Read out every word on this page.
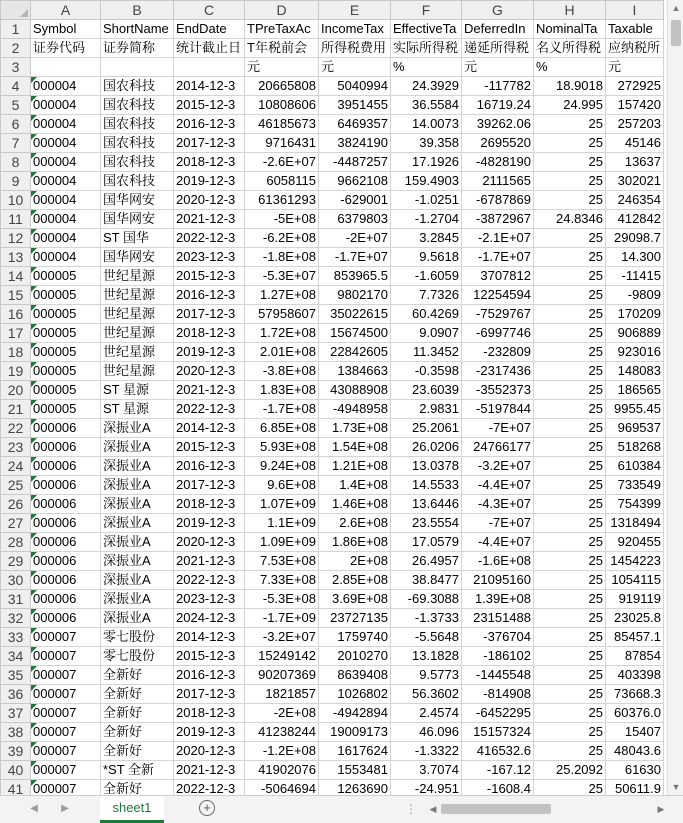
	A	B	C	D	E	F	G	H	I
1	Symbol	ShortName	EndDate	TPreTaxAc	IncomeTax	EffectiveTa	DeferredIn	NominalTa	Taxable
2	证券代码	证券简称	统计截止日	T年税前会	所得税费用	实际所得税	递延所得税	名义所得税	应纳税所
3				元	元	%	元	%	元
4	000004	国农科技	2014-12-3	20665808	5040994	24.3929	-117782	18.9018	272925
5	000004	国农科技	2015-12-3	10808606	3951455	36.5584	16719.24	24.995	157420
6	000004	国农科技	2016-12-3	46185673	6469357	14.0073	39262.06	25	257203
7	000004	国农科技	2017-12-3	9716431	3824190	39.358	2695520	25	45146
8	000004	国农科技	2018-12-3	-2.6E+07	-4487257	17.1926	-4828190	25	13637
9	000004	国农科技	2019-12-3	6058115	9662108	159.4903	2111565	25	302021
10	000004	国华网安	2020-12-3	61361293	-629001	-1.0251	-6787869	25	246354
11	000004	国华网安	2021-12-3	-5E+08	6379803	-1.2704	-3872967	24.8346	412842
12	000004	ST 国华	2022-12-3	-6.2E+08	-2E+07	3.2845	-2.1E+07	25	29098.7
13	000004	国华网安	2023-12-3	-1.8E+08	-1.7E+07	9.5618	-1.7E+07	25	14.300
14	000005	世纪星源	2015-12-3	-5.3E+07	853965.5	-1.6059	3707812	25	-11415
15	000005	世纪星源	2016-12-3	1.27E+08	9802170	7.7326	12254594	25	-9809
16	000005	世纪星源	2017-12-3	57958607	35022615	60.4269	-7529767	25	170209
17	000005	世纪星源	2018-12-3	1.72E+08	15674500	9.0907	-6997746	25	906889
18	000005	世纪星源	2019-12-3	2.01E+08	22842605	11.3452	-232809	25	923016
19	000005	世纪星源	2020-12-3	-3.8E+08	1384663	-0.3598	-2317436	25	148083
20	000005	ST 星源	2021-12-3	1.83E+08	43088908	23.6039	-3552373	25	186565
21	000005	ST 星源	2022-12-3	-1.7E+08	-4948958	2.9831	-5197844	25	9955.45
22	000006	深振业A	2014-12-3	6.85E+08	1.73E+08	25.2061	-7E+07	25	969537
23	000006	深振业A	2015-12-3	5.93E+08	1.54E+08	26.0206	24766177	25	518268
24	000006	深振业A	2016-12-3	9.24E+08	1.21E+08	13.0378	-3.2E+07	25	610384
25	000006	深振业A	2017-12-3	9.6E+08	1.4E+08	14.5533	-4.4E+07	25	733549
26	000006	深振业A	2018-12-3	1.07E+09	1.46E+08	13.6446	-4.3E+07	25	754399
27	000006	深振业A	2019-12-3	1.1E+09	2.6E+08	23.5554	-7E+07	25	1318494
28	000006	深振业A	2020-12-3	1.09E+09	1.86E+08	17.0579	-4.4E+07	25	920455
29	000006	深振业A	2021-12-3	7.53E+08	2E+08	26.4957	-1.6E+08	25	1454223
30	000006	深振业A	2022-12-3	7.33E+08	2.85E+08	38.8477	21095160	25	1054115
31	000006	深振业A	2023-12-3	-5.3E+08	3.69E+08	-69.3088	1.39E+08	25	919119
32	000006	深振业A	2024-12-3	-1.7E+09	23727135	-1.3733	23151488	25	23025.8
33	000007	零七股份	2014-12-3	-3.2E+07	1759740	-5.5648	-376704	25	85457.1
34	000007	零七股份	2015-12-3	15249142	2010270	13.1828	-186102	25	87854
35	000007	全新好	2016-12-3	90207369	8639408	9.5773	-1445548	25	403398
36	000007	全新好	2017-12-3	1821857	1026802	56.3602	-814908	25	73668.3
37	000007	全新好	2018-12-3	-2E+08	-4942894	2.4574	-6452295	25	60376.0
38	000007	全新好	2019-12-3	41238244	19009173	46.096	15157324	25	15407
39	000007	全新好	2020-12-3	-1.2E+08	1617624	-1.3322	416532.6	25	48043.6
40	000007	*ST 全新	2021-12-3	41902076	1553481	3.7074	-167.12	25.2092	61630
41	000007	全新好	2022-12-3	-5064694	1263690	-24.951	-1608.4	25	50611.9
▲
▼
◀	▶	sheet1	+	⋮ ◀	▶
